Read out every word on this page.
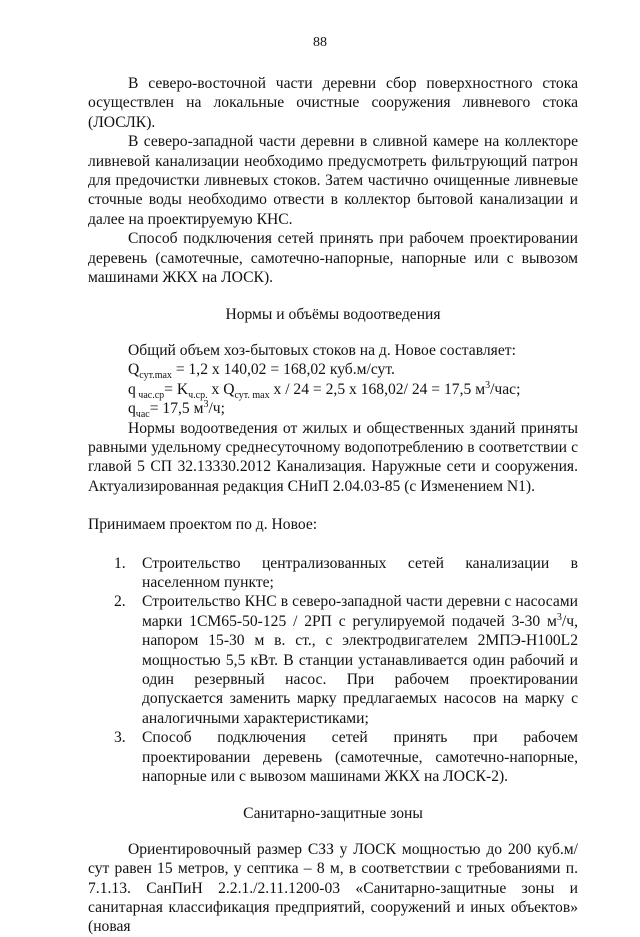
88

В северо-восточной части деревни сбор поверхностного стока осуществлен на локальные очистные сооружения ливневого стока (ЛОСЛК).

В северо-западной части деревни в сливной камере на коллекторе ливневой канализации необходимо предусмотреть фильтрующий патрон для предочистки ливневых стоков. Затем частично очищенные ливневые сточные воды необходимо отвести в коллектор бытовой канализации и далее на проектируемую КНС.

Способ подключения сетей принять при рабочем проектировании деревень (самотечные, самотечно-напорные, напорные или с вывозом машинами ЖКХ на ЛОСК).

Нормы и объёмы водоотведения

Общий объем хоз-бытовых стоков на д. Новое составляет:

$Q_{сут.max} = 1,2$ х 140,02 = 168,02 куб.м/сут.

q $_{час.ср}= K_{ч.ср.}$ x $Q_{сут. max}$ x / 24 = 2,5 х 168,02/ 24 = 17,5 $м^3$/час;

$q_{час}= 17,5$ $м^3/ч$;

Нормы водоотведения от жилых и общественных зданий приняты равными удельному среднесуточному водопотреблению в соответствии с главой 5 СП 32.13330.2012 Канализация. Наружные сети и сооружения. Актуализированная редакция СНиП 2.04.03-85 (с Изменением N1).

Принимаем проектом по д. Новое:

1. Строительство централизованных сетей канализации в населенном пункте;
2. Строительство КНС в северо-западной части деревни с насосами марки 1СМ65-50-125 / 2РП с регулируемой подачей 3-30 $м^3/ч$, напором 15-30 м в. ст., с электродвигателем 2МПЭ-Н100L2 мощностью 5,5 кВт. В станции устанавливается один рабочий и один резервный насос. При рабочем проектировании допускается заменить марку предлагаемых насосов на марку с аналогичными характеристиками;
3. Способ подключения сетей принять при рабочем проектировании деревень (самотечные, самотечно-напорные, напорные или с вывозом машинами ЖКХ на ЛОСК-2).

Санитарно-защитные зоны

Ориентировочный размер СЗЗ у ЛОСК мощностью до 200 куб.м/сут равен 15 метров, у септика – 8 м, в соответствии с требованиями п. 7.1.13. СанПиН 2.2.1./2.11.1200-03 «Санитарно-защитные зоны и санитарная классификация предприятий, сооружений и иных объектов» (новая
